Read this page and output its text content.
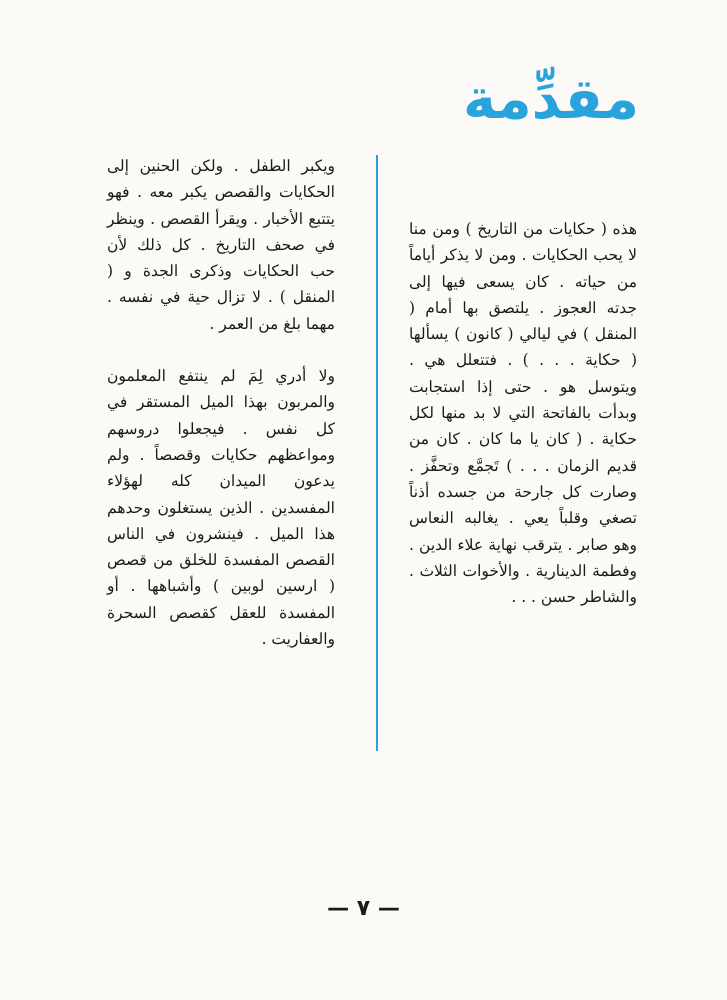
مقدِّمة

ويكبر الطفل . ولكن الحنين إلى الحكايات والقصص يكبر معه . فهو يتتبع الأخبار . ويقرأ القصص . وينظر في صحف التاريخ . كل ذلك لأن حب الحكايات وذكرى الجدة و ( المنقل ) . لا تزال حية في نفسه . مهما بلغ من العمر .

ولا أدري لِمَ لم ينتفع المعلمون والمربون بهذا الميل المستقر في كل نفس . فيجعلوا دروسهم ومواعظهم حكايات وقصصاً . ولم يدعون الميدان كله لهؤلاء المفسدين . الذين يستغلون وحدهم هذا الميل . فينشرون في الناس القصص المفسدة للخلق من قصص ( ارسين لوبين ) وأشباهها . أو المفسدة للعقل كقصص السحرة والعفاريت .

هذه ( حكايات من التاريخ ) ومن منا لا يحب الحكايات . ومن لا يذكر أياماً من حياته . كان يسعى فيها إلى جدته العجوز . يلتصق بها أمام ( المنقل ) في ليالي ( كانون ) يسألها ( حكاية . . . ) . فتتعلل هي . ويتوسل هو . حتى إذا استجابت وبدأت بالفاتحة التي لا بد منها لكل حكاية . ( كان يا ما كان . كان من قديم الزمان . . . ) تَجمَّع وتحفَّز . وصارت كل جارحة من جسده أذناً تصغي وقلباً يعي . يغالبه النعاس وهو صابر . يترقب نهاية علاء الدين . وفطمة الدينارية . والأخوات الثلاث . والشاطر حسن . . .

— ٧ —
